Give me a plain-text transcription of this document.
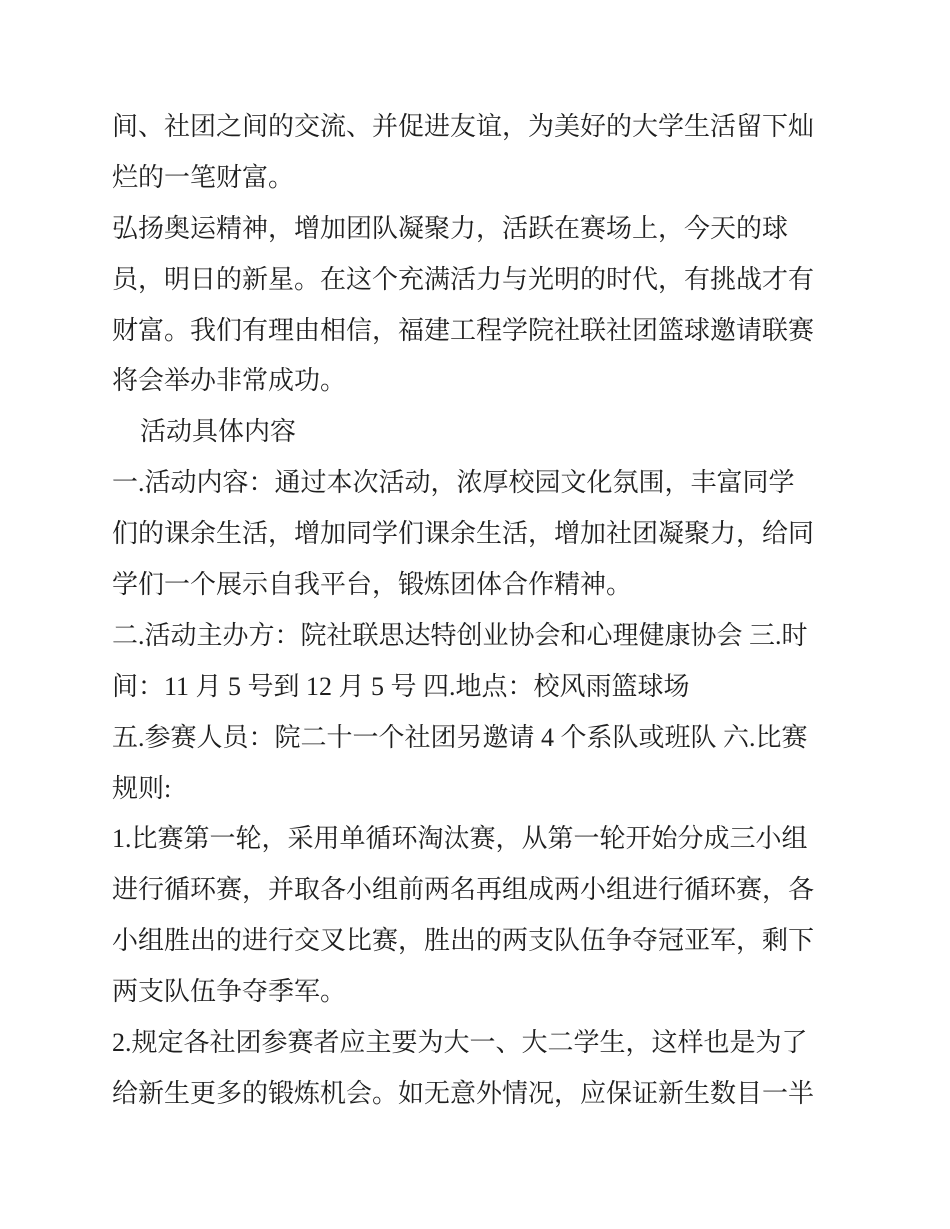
间、社团之间的交流、并促进友谊，为美好的大学生活留下灿
烂的一笔财富。
弘扬奥运精神，增加团队凝聚力，活跃在赛场上，今天的球
员，明日的新星。在这个充满活力与光明的时代，有挑战才有
财富。我们有理由相信，福建工程学院社联社团篮球邀请联赛
将会举办非常成功。
活动具体内容
一.活动内容：通过本次活动，浓厚校园文化氛围，丰富同学
们的课余生活，增加同学们课余生活，增加社团凝聚力，给同
学们一个展示自我平台，锻炼团体合作精神。
二.活动主办方：院社联思达特创业协会和心理健康协会 三.时
间：11 月 5 号到 12 月 5 号 四.地点：校风雨篮球场
五.参赛人员：院二十一个社团另邀请 4 个系队或班队 六.比赛
规则:
1.比赛第一轮，采用单循环淘汰赛，从第一轮开始分成三小组
进行循环赛，并取各小组前两名再组成两小组进行循环赛，各
小组胜出的进行交叉比赛，胜出的两支队伍争夺冠亚军，剩下
两支队伍争夺季军。
2.规定各社团参赛者应主要为大一、大二学生，这样也是为了
给新生更多的锻炼机会。如无意外情况，应保证新生数目一半
